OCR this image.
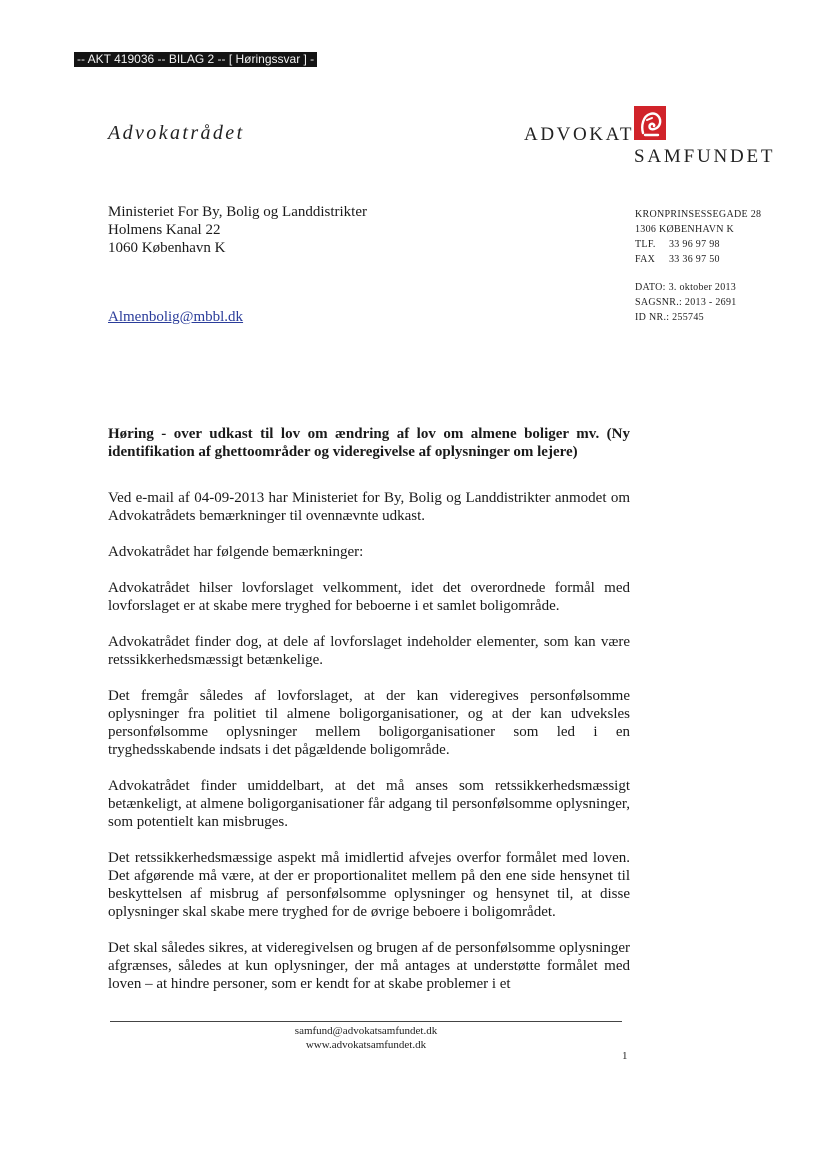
-- AKT 419036 -- BILAG 2 -- [ Høringssvar ] -
Advokatrådet	ADVOKAT
SAMFUNDET
Ministeriet For By, Bolig og Landdistrikter
Holmens Kanal 22
1060 København K
KRONPRINSESSEGADE 28
1306 KØBENHAVN K
TLF. 33 96 97 98
FAX 33 36 97 50
DATO: 3. oktober 2013
SAGSNR.: 2013 - 2691
ID NR.: 255745
Almenbolig@mbbl.dk
Høring - over udkast til lov om ændring af lov om almene boliger mv. (Ny identifikation af ghettoområder og videregivelse af oplysninger om lejere)

Ved e-mail af 04-09-2013 har Ministeriet for By, Bolig og Landdistrikter anmodet om Advokatrådets bemærkninger til ovennævnte udkast.

Advokatrådet har følgende bemærkninger:

Advokatrådet hilser lovforslaget velkomment, idet det overordnede formål med lovforslaget er at skabe mere tryghed for beboerne i et samlet boligområde.

Advokatrådet finder dog, at dele af lovforslaget indeholder elementer, som kan være retssikkerhedsmæssigt betænkelige.

Det fremgår således af lovforslaget, at der kan videregives personfølsomme oplysninger fra politiet til almene boligorganisationer, og at der kan udveksles personfølsomme oplysninger mellem boligorganisationer som led i en tryghedsskabende indsats i det pågældende boligområde.

Advokatrådet finder umiddelbart, at det må anses som retssikkerhedsmæssigt betænkeligt, at almene boligorganisationer får adgang til personfølsomme oplysninger, som potentielt kan misbruges.

Det retssikkerhedsmæssige aspekt må imidlertid afvejes overfor formålet med loven. Det afgørende må være, at der er proportionalitet mellem på den ene side hensynet til beskyttelsen af misbrug af personfølsomme oplysninger og hensynet til, at disse oplysninger skal skabe mere tryghed for de øvrige beboere i boligområdet.

Det skal således sikres, at videregivelsen og brugen af de personfølsomme oplysninger afgrænses, således at kun oplysninger, der må antages at understøtte formålet med loven – at hindre personer, som er kendt for at skabe problemer i et

samfund@advokatsamfundet.dk
www.advokatsamfundet.dk
1
